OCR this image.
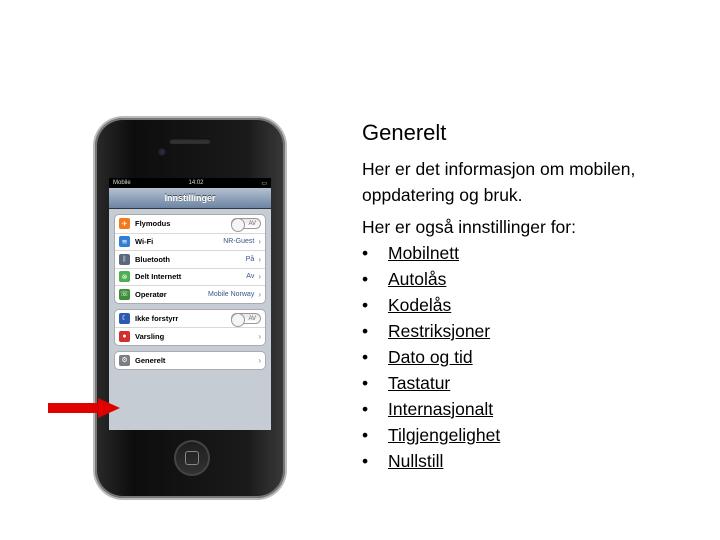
Mobile	14:02	▭
Innstillinger
✈	Flymodus	AV
≋	Wi-Fi	NR-Guest ›
ᛒ	Bluetooth	På ›
⊗	Delt Internett	Av ›
☏ Operatør	Mobile Norway ›
☾ Ikke forstyrr	AV
●	Varsling	›
⚙ Generelt	›
Generelt

Her er det informasjon om mobilen, oppdatering og bruk.

Her er også innstillinger for:

•	Mobilnett
•	Autolås
•	Kodelås
•	Restriksjoner
•	Dato og tid
•	Tastatur
•	Internasjonalt
•	Tilgjengelighet
•	Nullstill
